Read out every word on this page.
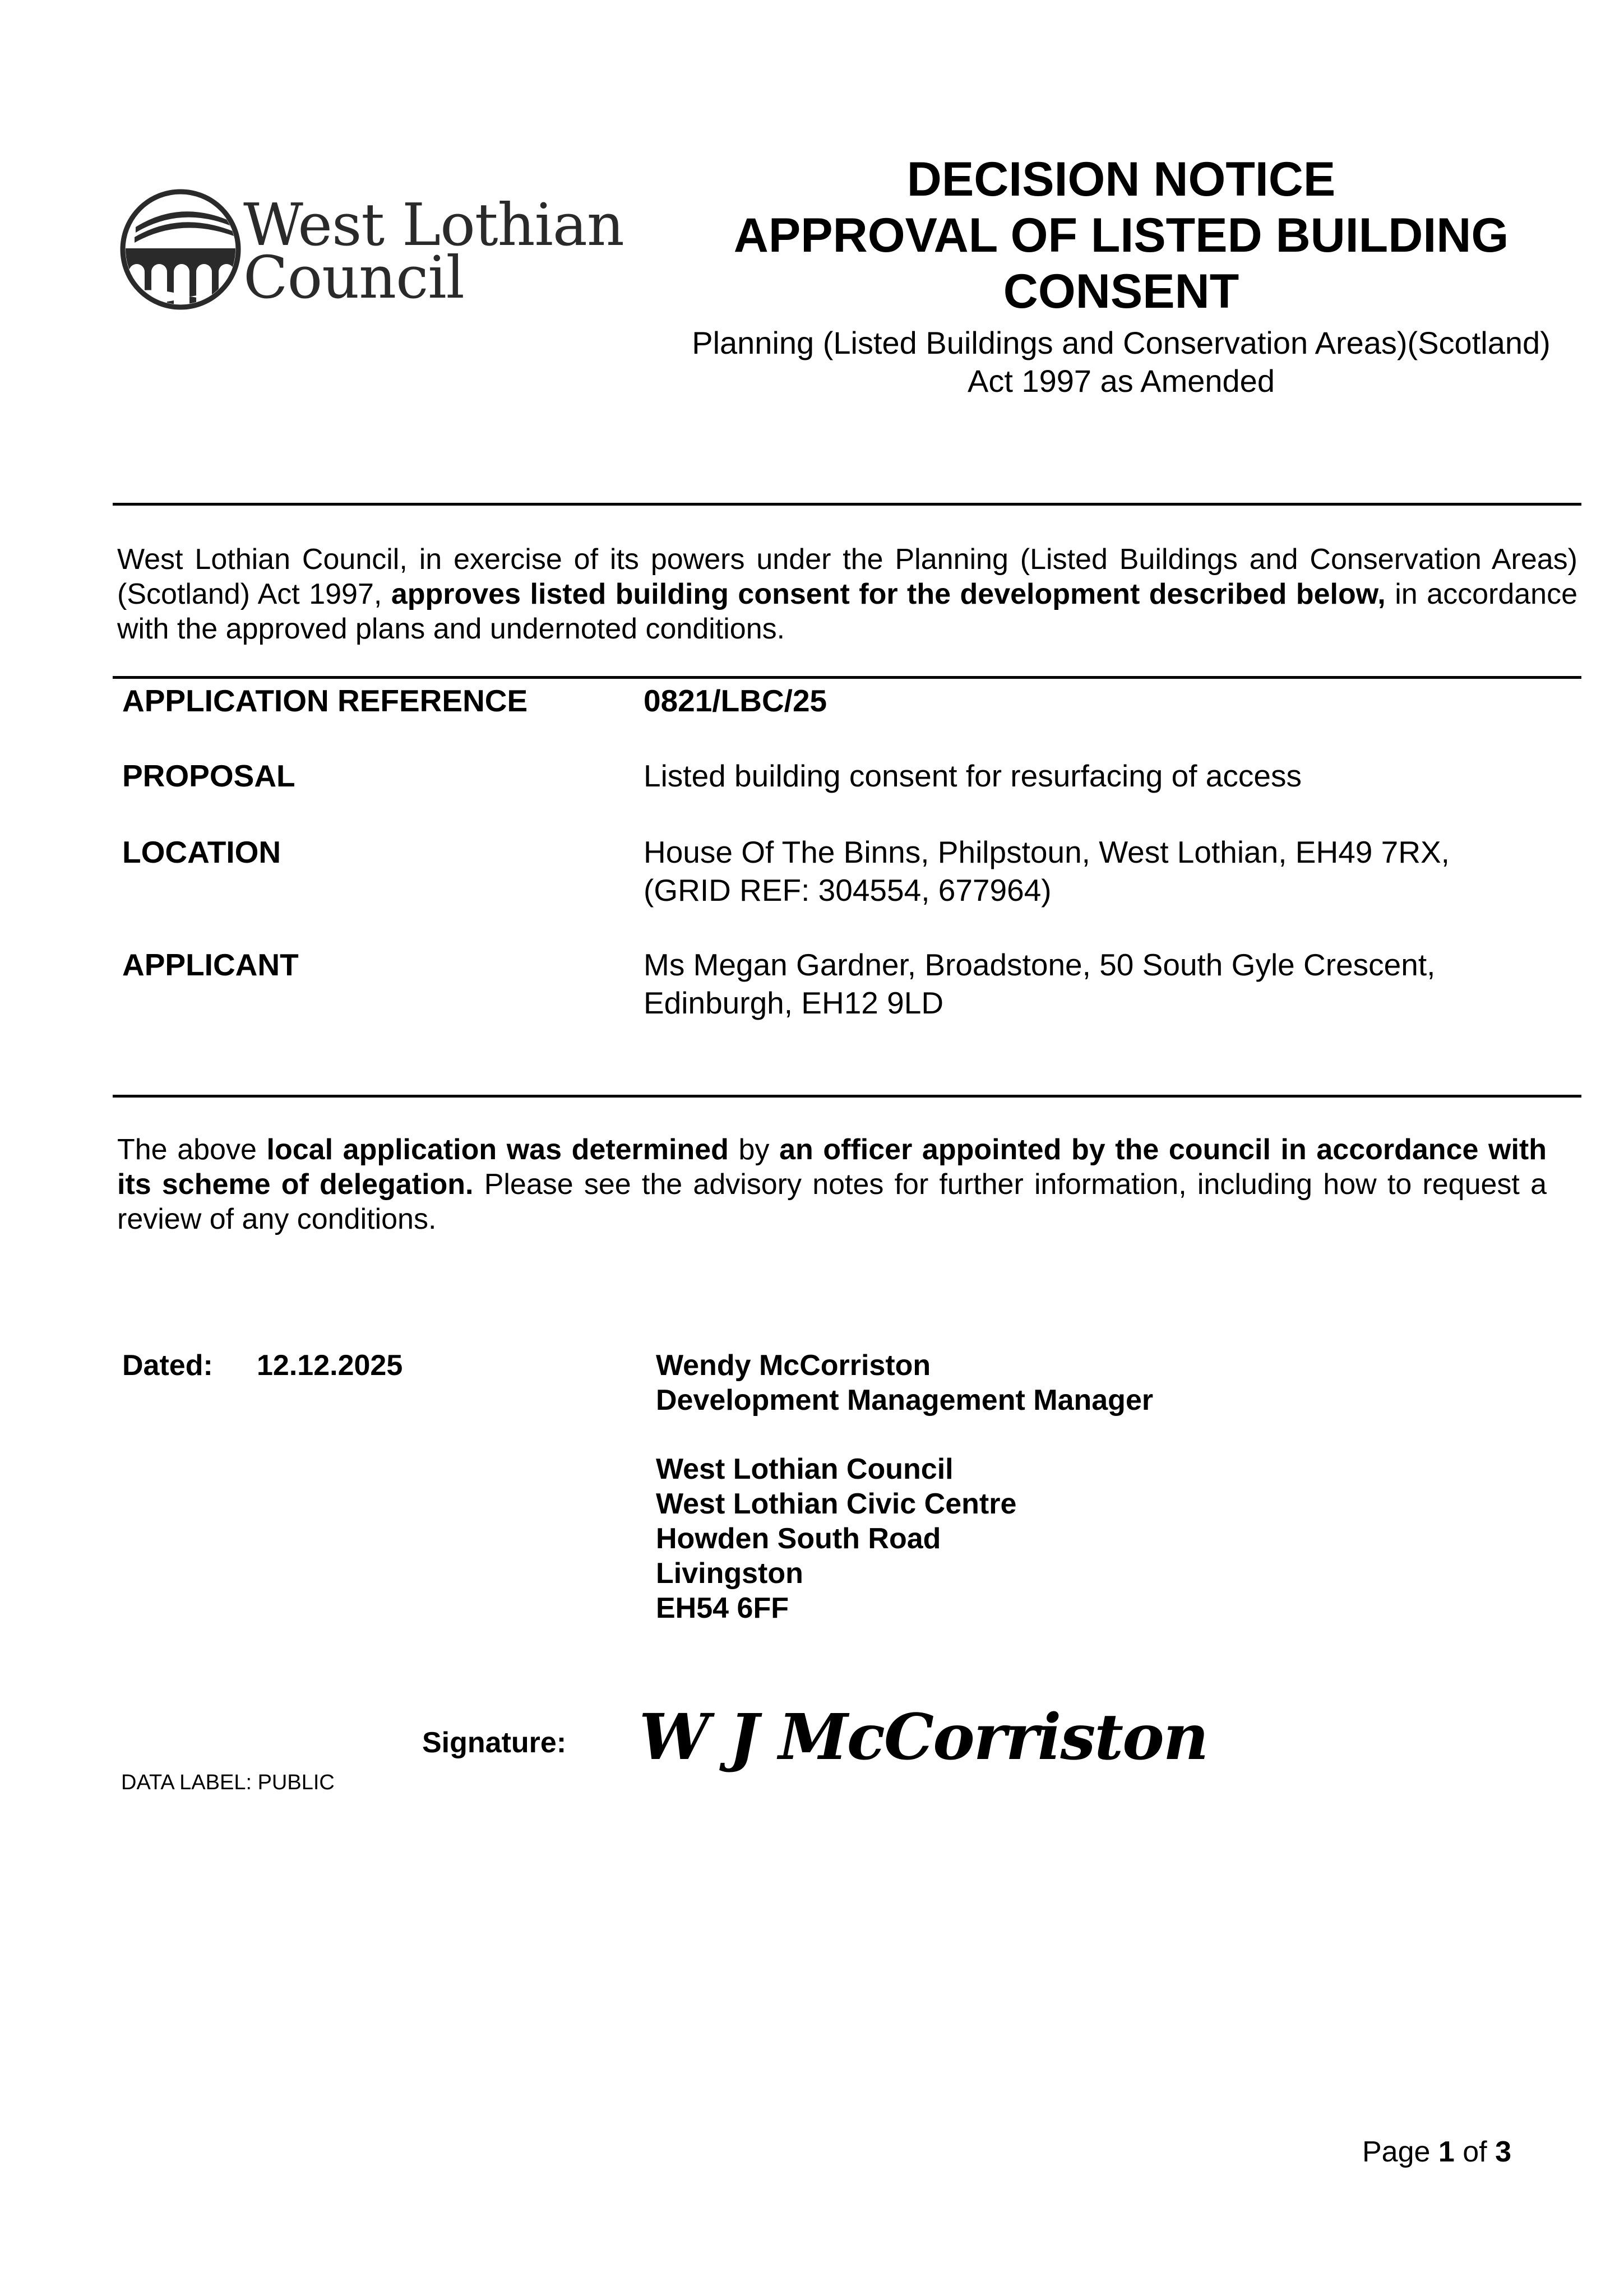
West Lothian
Council
DECISION NOTICE
APPROVAL OF LISTED BUILDING
CONSENT
Planning (Listed Buildings and Conservation Areas)(Scotland)
Act 1997 as Amended
West Lothian Council, in exercise of its powers under the Planning (Listed Buildings and Conservation Areas)(Scotland) Act 1997, approves listed building consent for the development described below, in accordance with the approved plans and undernoted conditions.
APPLICATION REFERENCE	0821/LBC/25
PROPOSAL	Listed building consent for resurfacing of access
LOCATION	House Of The Binns, Philpstoun, West Lothian, EH49 7RX,
(GRID REF: 304554, 677964)
APPLICANT	Ms Megan Gardner, Broadstone, 50 South Gyle Crescent,
Edinburgh, EH12 9LD
The above local application was determined by an officer appointed by the council in accordance with its scheme of delegation. Please see the advisory notes for further information, including how to request a review of any conditions.
Dated: 12.12.2025	Wendy McCorriston
Development Management Manager
West Lothian Council
West Lothian Civic Centre
Howden South Road
Livingston
EH54 6FF
Signature: W J McCorriston
DATA LABEL: PUBLIC
Page 1 of 3
